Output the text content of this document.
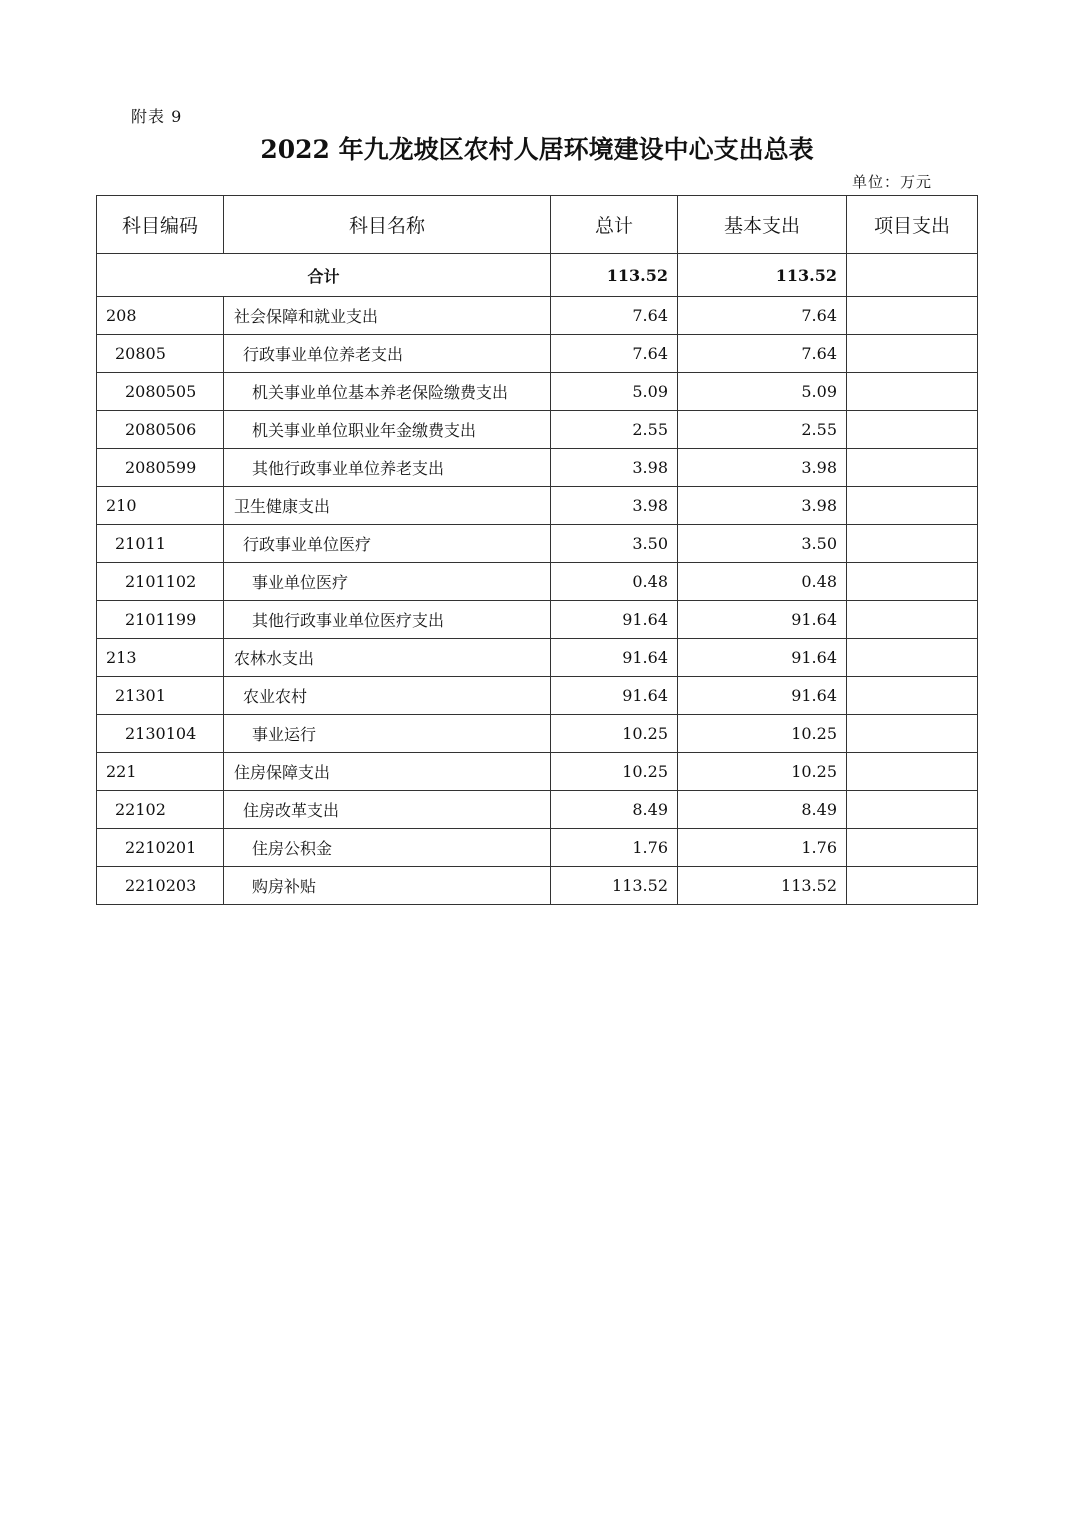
附表 9
2022 年九龙坡区农村人居环境建设中心支出总表
单位：万元
科目编码	科目名称	总计	基本支出	项目支出
合计		113.52	113.52	
208	社会保障和就业支出	7.64	7.64	
20805	行政事业单位养老支出	7.64	7.64	
2080505	机关事业单位基本养老保险缴费支出	5.09	5.09	
2080506	机关事业单位职业年金缴费支出	2.55	2.55	
2080599	其他行政事业单位养老支出	3.98	3.98	
210	卫生健康支出	3.98	3.98	
21011	行政事业单位医疗	3.50	3.50	
2101102	事业单位医疗	0.48	0.48	
2101199	其他行政事业单位医疗支出	91.64	91.64	
213	农林水支出	91.64	91.64	
21301	农业农村	91.64	91.64	
2130104	事业运行	10.25	10.25	
221	住房保障支出	10.25	10.25	
22102	住房改革支出	8.49	8.49	
2210201	住房公积金	1.76	1.76	
2210203	购房补贴	113.52	113.52	
